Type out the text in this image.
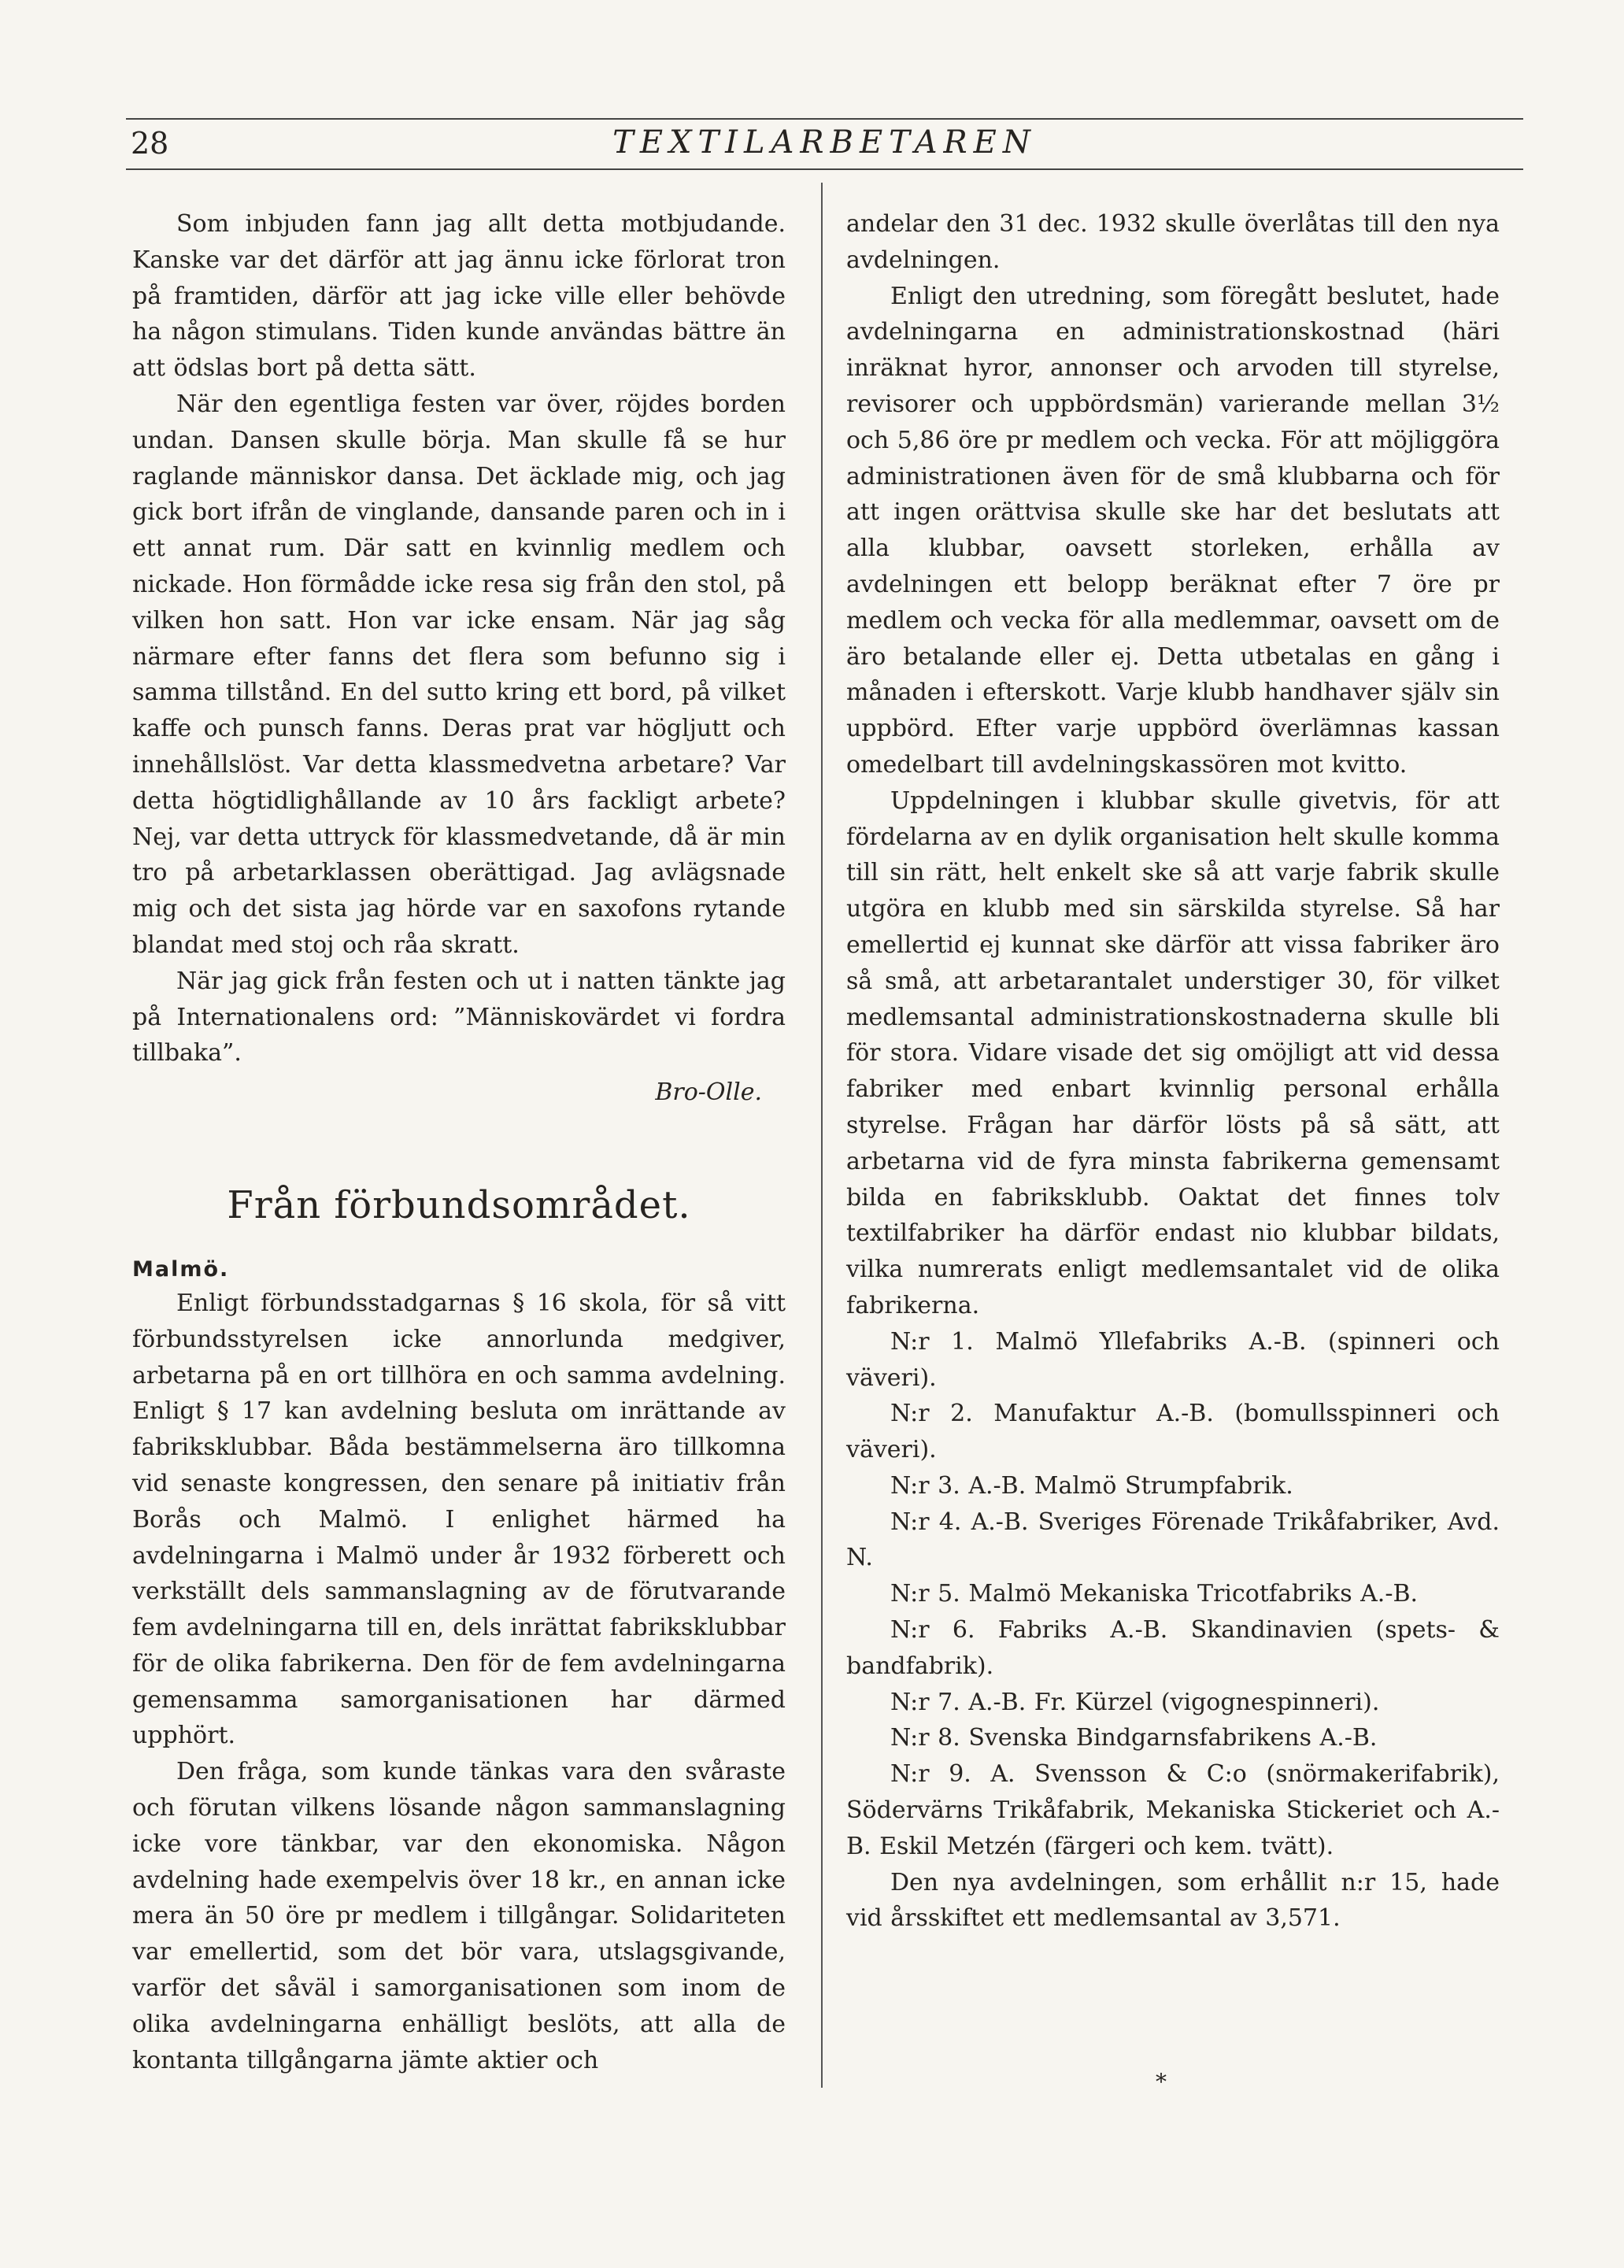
28	TEXTILARBETAREN

Som inbjuden fann jag allt detta motbjudande. Kanske var det därför att jag ännu icke förlorat tron på framtiden, därför att jag icke ville eller behövde ha någon stimulans. Tiden kunde användas bättre än att ödslas bort på detta sätt.

När den egentliga festen var över, röjdes borden undan. Dansen skulle börja. Man skulle få se hur raglande människor dansa. Det äcklade mig, och jag gick bort ifrån de vinglande, dansande paren och in i ett annat rum. Där satt en kvinnlig medlem och nickade. Hon förmådde icke resa sig från den stol, på vilken hon satt. Hon var icke ensam. När jag såg närmare efter fanns det flera som befunno sig i samma tillstånd. En del sutto kring ett bord, på vilket kaffe och punsch fanns. Deras prat var högljutt och innehållslöst. Var detta klassmedvetna arbetare? Var detta högtidlighållande av 10 års fackligt arbete? Nej, var detta uttryck för klassmedvetande, då är min tro på arbetarklassen oberättigad. Jag avlägsnade mig och det sista jag hörde var en saxofons rytande blandat med stoj och råa skratt.

När jag gick från festen och ut i natten tänkte jag på Internationalens ord: ”Människovärdet vi fordra tillbaka”.

Bro-Olle.
Från förbundsområdet.
Malmö.

Enligt förbundsstadgarnas § 16 skola, för så vitt förbundsstyrelsen icke annorlunda medgiver, arbetarna på en ort tillhöra en och samma avdelning. Enligt § 17 kan avdelning besluta om inrättande av fabriksklubbar. Båda bestämmelserna äro tillkomna vid senaste kongressen, den senare på initiativ från Borås och Malmö. I enlighet härmed ha avdelningarna i Malmö under år 1932 förberett och verkställt dels sammanslagning av de förutvarande fem avdelningarna till en, dels inrättat fabriksklubbar för de olika fabrikerna. Den för de fem avdelningarna gemensamma samorganisationen har därmed upphört.

Den fråga, som kunde tänkas vara den svåraste och förutan vilkens lösande någon sammanslagning icke vore tänkbar, var den ekonomiska. Någon avdelning hade exempelvis över 18 kr., en annan icke mera än 50 öre pr medlem i tillgångar. Solidariteten var emellertid, som det bör vara, utslagsgivande, varför det såväl i samorganisationen som inom de olika avdelningarna enhälligt beslöts, att alla de kontanta tillgångarna jämte aktier och

andelar den 31 dec. 1932 skulle överlåtas till den nya avdelningen.

Enligt den utredning, som föregått beslutet, hade avdelningarna en administrationskostnad (häri inräknat hyror, annonser och arvoden till styrelse, revisorer och uppbördsmän) varierande mellan 3½ och 5,86 öre pr medlem och vecka. För att möjliggöra administrationen även för de små klubbarna och för att ingen orättvisa skulle ske har det beslutats att alla klubbar, oavsett storleken, erhålla av avdelningen ett belopp beräknat efter 7 öre pr medlem och vecka för alla medlemmar, oavsett om de äro betalande eller ej. Detta utbetalas en gång i månaden i efterskott. Varje klubb handhaver själv sin uppbörd. Efter varje uppbörd överlämnas kassan omedelbart till avdelningskassören mot kvitto.

Uppdelningen i klubbar skulle givetvis, för att fördelarna av en dylik organisation helt skulle komma till sin rätt, helt enkelt ske så att varje fabrik skulle utgöra en klubb med sin särskilda styrelse. Så har emellertid ej kunnat ske därför att vissa fabriker äro så små, att arbetarantalet understiger 30, för vilket medlemsantal administrationskostnaderna skulle bli för stora. Vidare visade det sig omöjligt att vid dessa fabriker med enbart kvinnlig personal erhålla styrelse. Frågan har därför lösts på så sätt, att arbetarna vid de fyra minsta fabrikerna gemensamt bilda en fabriksklubb. Oaktat det finnes tolv textilfabriker ha därför endast nio klubbar bildats, vilka numrerats enligt medlemsantalet vid de olika fabrikerna.

N:r 1. Malmö Yllefabriks A.-B. (spinneri och väveri).

N:r 2. Manufaktur A.-B. (bomullsspinneri och väveri).

N:r 3. A.-B. Malmö Strumpfabrik.

N:r 4. A.-B. Sveriges Förenade Trikåfabriker, Avd. N.

N:r 5. Malmö Mekaniska Tricotfabriks A.-B.

N:r 6. Fabriks A.-B. Skandinavien (spets- & bandfabrik).

N:r 7. A.-B. Fr. Kürzel (vigognespinneri).

N:r 8. Svenska Bindgarnsfabrikens A.-B.

N:r 9. A. Svensson & C:o (snörmakerifabrik), Södervärns Trikåfabrik, Mekaniska Stickeriet och A.-B. Eskil Metzén (färgeri och kem. tvätt).

Den nya avdelningen, som erhållit n:r 15, hade vid årsskiftet ett medlemsantal av 3,571.

*
